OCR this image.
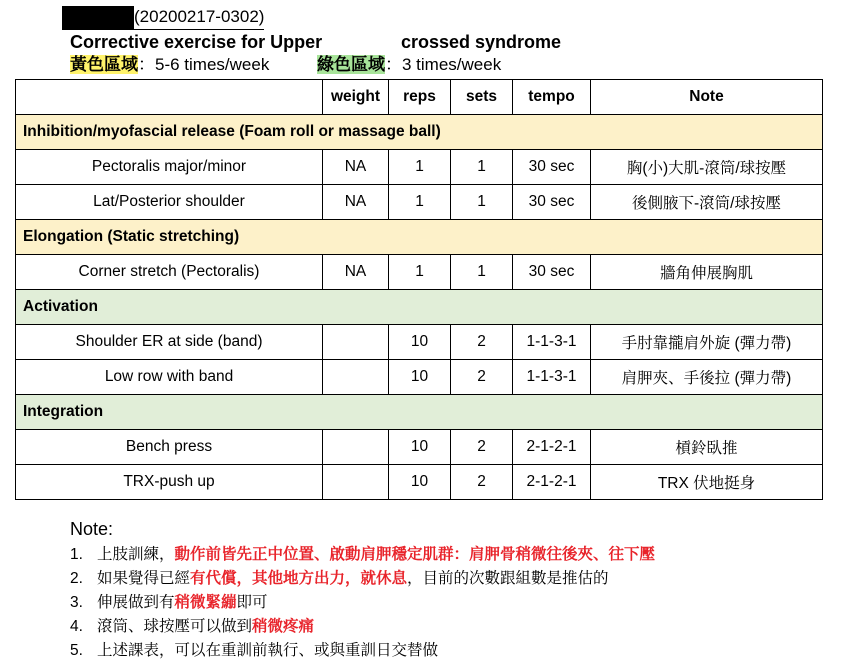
(20200217-0302)
Corrective exercise for Upper	crossed syndrome
黃色區域：5-6 times/week	綠色區域：3 times/week
	weight	reps	sets	tempo	Note
Inhibition/myofascial release (Foam roll or massage ball)					
Pectoralis major/minor	NA	1	1	30 sec	胸(小)大肌-滾筒/球按壓
Lat/Posterior shoulder	NA	1	1	30 sec	後側腋下-滾筒/球按壓
Elongation (Static stretching)					
Corner stretch (Pectoralis)	NA	1	1	30 sec	牆角伸展胸肌
Activation					
Shoulder ER at side (band)		10	2	1-1-3-1	手肘靠攏肩外旋 (彈力帶)
Low row with band		10	2	1-1-3-1	肩胛夾、手後拉 (彈力帶)
Integration					
Bench press		10	2	2-1-2-1	槓鈴臥推
TRX-push up		10	2	2-1-2-1	TRX 伏地挺身
Note:
1. 上肢訓練，動作前皆先正中位置、啟動肩胛穩定肌群：肩胛骨稍微往後夾、往下壓
2. 如果覺得已經有代償，其他地方出力，就休息，目前的次數跟組數是推估的
3. 伸展做到有稍微緊繃即可
4. 滾筒、球按壓可以做到稍微疼痛
5. 上述課表，可以在重訓前執行、或與重訓日交替做
